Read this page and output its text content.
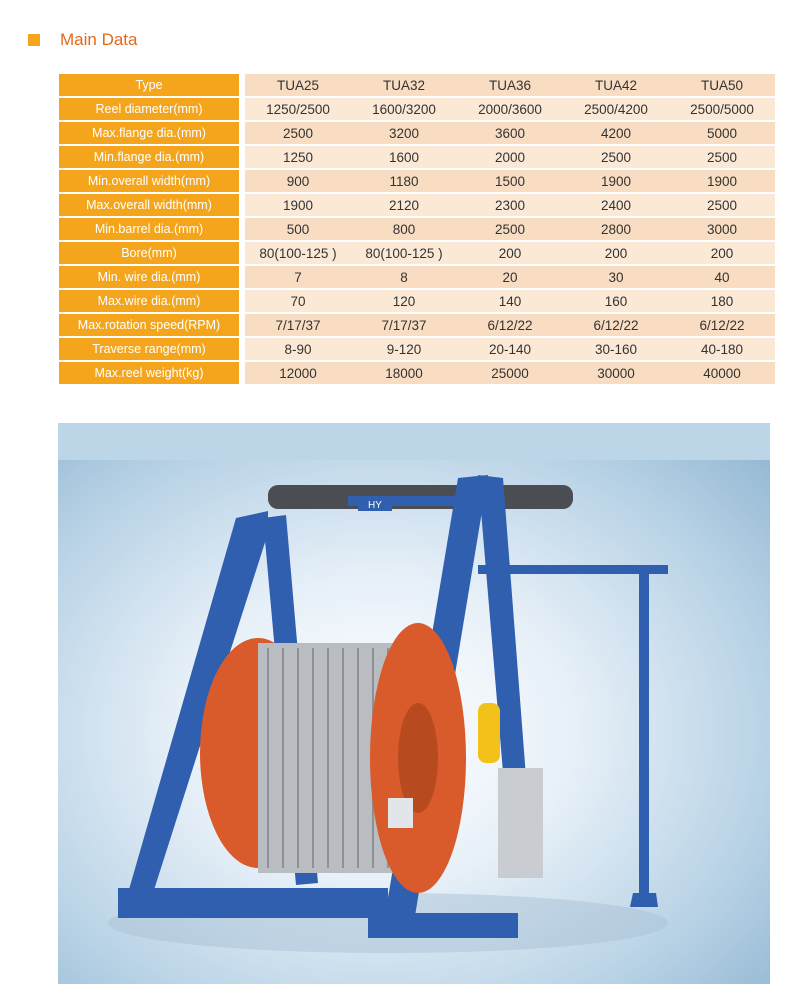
Main Data
Type	TUA25	TUA32	TUA36	TUA42	TUA50
Reel diameter(mm)	1250/2500	1600/3200	2000/3600	2500/4200	2500/5000
Max.flange dia.(mm)	2500	3200	3600	4200	5000
Min.flange dia.(mm)	1250	1600	2000	2500	2500
Min.overall width(mm)	900	1180	1500	1900	1900
Max.overall width(mm)	1900	2120	2300	2400	2500
Min.barrel dia.(mm)	500	800	2500	2800	3000
Bore(mm)	80(100-125 )	80(100-125 )	200	200	200
Min. wire dia.(mm)	7	8	20	30	40
Max.wire dia.(mm)	70	120	140	160	180
Max.rotation speed(RPM)	7/17/37	7/17/37	6/12/22	6/12/22	6/12/22
Traverse range(mm)	8-90	9-120	20-140	30-160	40-180
Max.reel weight(kg)	12000	18000	25000	30000	40000
HY
